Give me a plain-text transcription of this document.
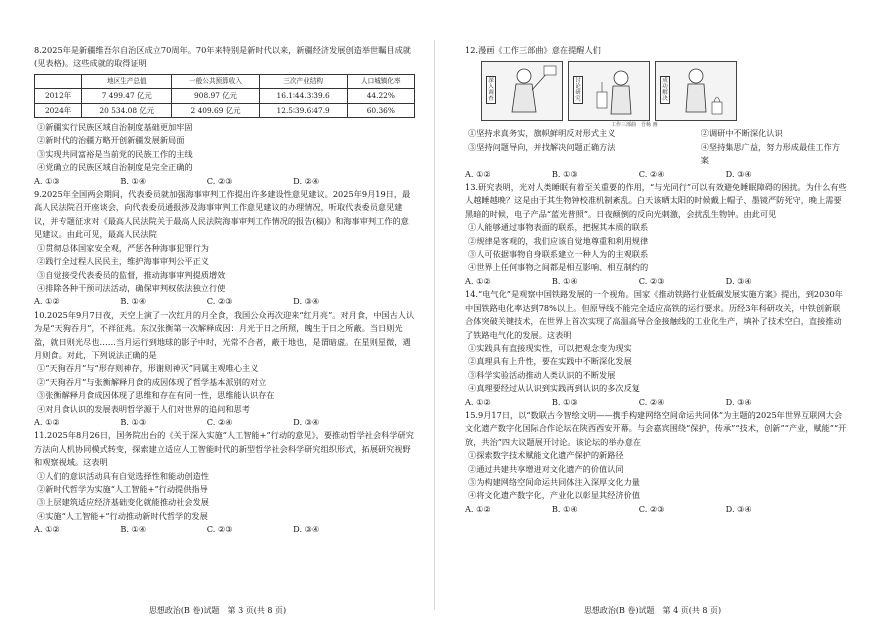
8.2025年是新疆维吾尔自治区成立70周年。70年来特别是新时代以来，新疆经济发展创造举世瞩目成就(见表格)。这些成就的取得证明

	地区生产总值	一般公共预算收入	三次产业结构	人口城镇化率
2012年	7 499.47 亿元	908.97 亿元	16.1∶44.3∶39.6	44.22%
2024年	20 534.08 亿元	2 409.69 亿元	12.5∶39.6∶47.9	60.36%

①新疆实行民族区域自治制度基础更加牢固

②新时代的治疆方略开创新疆发展新局面

③实现共同富裕是当前党的民族工作的主线

④党确立的民族区域自治制度是完全正确的

A. ①③	B. ①④	C. ②③	D. ②④

9.2025年全国两会期间，代表委员就加强海事审判工作提出许多建设性意见建议。2025年9月19日，最高人民法院召开座谈会，向代表委员通报涉及海事审判工作意见建议的办理情况，听取代表委员意见建议，并专题征求对《最高人民法院关于最高人民法院海事审判工作情况的报告(稿)》和海事审判工作的意见建议。由此可见，最高人民法院

①贯彻总体国家安全观，严惩各种海事犯罪行为

②践行全过程人民民主，维护海事审判公平正义

③自觉接受代表委员的监督，推动海事审判提质增效

④排除各种干预司法活动，确保审判权依法独立行使

A. ①②	B. ①④	C. ②③	D. ③④

10.2025年9月7日夜，天空上演了一次红月的月全食，我国公众再次迎来“红月亮”。对月食，中国古人认为是“天狗吞月”，不祥征兆。东汉张衡第一次解释成因：月光于日之所照，魄生于日之所蔽。当日则光盈，就日则光尽也……当月运行到地球的影子中时，光常不合者，蔽于地也，是谓暗虚。在星则星微，遇月则食。对此，下列说法正确的是

①“天狗吞月”与“形存则神存，形谢则神灭”同属主观唯心主义

②“天狗吞月”与张衡解释月食的成因体现了哲学基本派别的对立

③张衡解释月食成因体现了思维和存在有同一性，思维能认识存在

④对月食认识的发展表明哲学源于人们对世界的追问和思考

A. ①②	B. ①③	C. ②④	D. ③④

11.2025年8月26日，国务院出台的《关于深入实施“人工智能+”行动的意见》，要推动哲学社会科学研究方法向人机协同模式转变，探索建立适应人工智能时代的新型哲学社会科学研究组织形式，拓展研究视野和观察视域。这表明

①人们的意识活动具有自觉选择性和能动创造性

②新时代哲学为实施“人工智能+”行动提供指导

③上层建筑适应经济基础变化就能推动社会发展

④实施“人工智能+”行动推动新时代哲学的发展

A. ①②	B. ①④	C. ②③	D. ③④
思想政治(B 卷)试题　第 3 页(共 8 页)

12.漫画《工作三部曲》意在提醒人们

深入调查
讨论研究
成功解决
工作三部曲　吾杨 画

①坚持求真务实，旗帜鲜明反对形式主义	②调研中不断深化认识

③坚持问题导向，并找解决问题正确方法	④坚持集思广益，努力形成最佳工作方案

A. ①②	B. ①③	C. ②④	D. ③④

13.研究表明，光对人类睡眠有着至关重要的作用，“与光同行”可以有效避免睡眠障碍的困扰。为什么有些人越睡越晚？这是由于其生物钟校准机制紊乱。白天该晒太阳的时候戴上帽子、墨镜严防死守，晚上需要黑暗的时候，电子产品“蓝光普照”。日夜颠倒的反向光刺激，会扰乱生物钟。由此可见

①人能够通过事物表面的联系，把握其本质的联系

②规律是客观的，我们应该自觉地尊重和利用规律

③人可依据事物自身联系建立一种人为的主观联系

④世界上任何事物之间都是相互影响、相互制约的

A. ①②	B. ①④	C. ②③	D. ③④

14.“电气化”是观察中国铁路发展的一个视角。国家《推动铁路行业低碳发展实施方案》提出，到2030年中国铁路电化率达到78%以上。但原导线不能完全适应高铁的运行要求。历经3年科研攻关，中铁创新联合体突破关键技术，在世界上首次实现了高温高导合金接触线的工业化生产，填补了技术空白，直接推动了铁路电气化的发展。这表明

①实践具有直接现实性，可以把观念变为现实

②真理具有上升性，要在实践中不断深化发展

③科学实验活动推动人类认识的不断发展

④真理要经过从认识到实践再到认识的多次反复

A. ①②	B. ①③	C. ②④	D. ③④

15.9月17日，以“数联古今智绘文明——携手构建网络空间命运共同体”为主题的2025年世界互联网大会文化遗产数字化国际合作论坛在陕西西安开幕。与会嘉宾围绕“保护，传承”“技术，创新”“产业，赋能”“开放，共治”四大议题展开讨论。该论坛的举办意在

①探索数字技术赋能文化遗产保护的新路径

②通过共建共享增进对文化遗产的价值认同

③为构建网络空间命运共同体注入深厚文化力量

④将文化遗产数字化，产业化以彰显其经济价值

A. ①②	B. ①④	C. ②③	D. ③④
思想政治(B 卷)试题　第 4 页(共 8 页)
